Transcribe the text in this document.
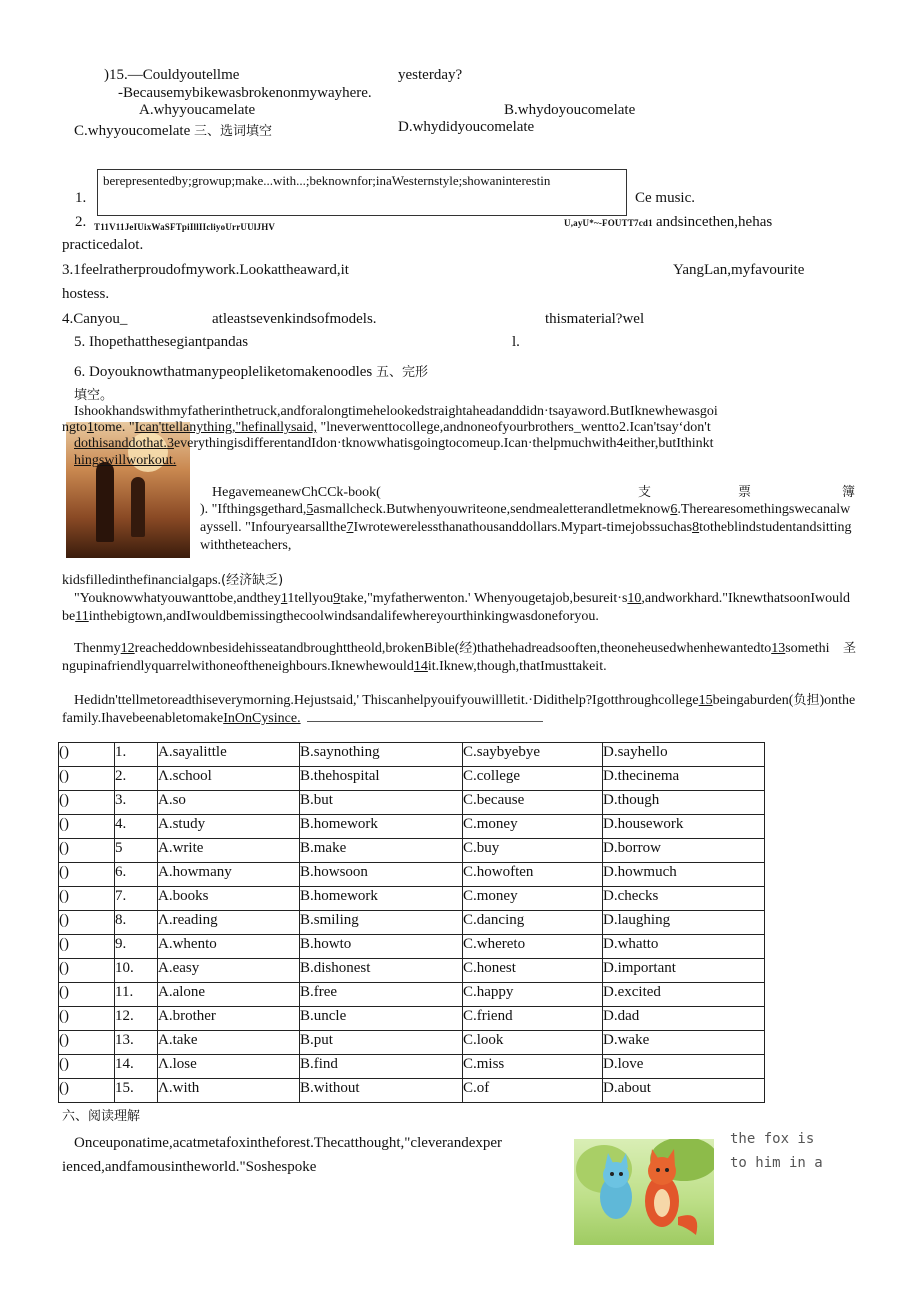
)15.—Couldyoutellme	yesterday?
-Becausemybikewasbrokenonmywayhere.
A.whyyoucamelate	B.whydoyoucomelate
C.whyyoucomelate 三、选词填空	D.whydidyoucomelate
berepresentedby;growup;make...with...;beknownfor;inaWesternstyle;showaninterestin
1.	Ce music.
2. T11V11JeIUixWaSFTpiIllIIcliyoUrrUUlJHV	U,ayU*~-FOUTT7cd1 andsincethen,hehas
practicedalot.
3.1feelratherproudofmywork.Lookattheaward,it	YangLan,myfavourite
hostess.
4.Canyou_	atleastsevenkindsofmodels.	thismaterial?wel
5. Ihopethatthesegiantpandas	l.
6. Doyouknowthatmanypeopleliketomakenoodles 五、完形
填空。
Ishookhandswithmyfatherinthetruck,andforalongtimehelookedstraightaheadanddidn·tsayaword.ButIknewhewasgoi
ngto1tome. "Ican'ttellanything,"hefinallysaid, "lneverwenttocollege,andnoneofyourbrothers_wentto2.Ican'tsay‘don't
dothisanddothat.3everythingisdifferentandIdon·tknowwhatisgoingtocomeup.Ican·thelpmuchwith4either,butIthinkt
hingswillworkout.
HegavemeanewChCCk-book(	支	票	簿
). "Ifthingsgethard,5asmallcheck.Butwhenyouwriteone,sendmealetterandletmeknow6.Therearesomethingswecanalwayssell. "Infouryearsallthe7Iwrotewerelessthanathousanddollars.Mypart-timejobssuchas8totheblindstudentandsittingwiththeteachers,
kidsfilledinthefinancialgaps.(经济缺乏)
"Youknowwhatyouwanttobe,andthey11tellyou9take,"myfatherwenton.' Whenyougetajob,besureit·s10,andworkhard."IknewthatsoonIwouldbe11inthebigtown,andIwouldbemissingthecoolwindsandalifewhereyourthinkingwasdoneforyou.
Thenmy12reacheddownbesidehisseatandbroughttheold,brokenBible(	圣
经)thathehadreadsooften,theoneheusedwhenhewantedto13somethingupinafriendlyquarrelwithoneoftheneighbours.Iknewhewould14it.Iknew,though,thatImusttakeit.
Hedidn'ttellmetoreadthiseverymorning.Hejustsaid,' Thiscanhelpyouifyouwillletit.·Didithelp?Igotthroughcollege15beingaburden(负担)onthefamily.IhavebeenabletomakeInOnCysince.
()	1.	A.sayalittle	B.saynothing	C.saybyebye	D.sayhello
()	2.	Λ.school	B.thehospital	C.college	D.thecinema
()	3.	A.so	B.but	C.because	D.though
()	4.	A.study	B.homework	C.money	D.housework
()	5	A.write	B.make	C.buy	D.borrow
()	6.	A.howmany	B.howsoon	C.howoften	D.howmuch
()	7.	A.books	B.homework	C.money	D.checks
()	8.	Λ.reading	B.smiling	C.dancing	D.laughing
()	9.	A.whento	B.howto	C.whereto	D.whatto
()	10.	A.easy	B.dishonest	C.honest	D.important
()	11.	A.alone	B.free	C.happy	D.excited
()	12.	A.brother	B.uncle	C.friend	D.dad
()	13.	A.take	B.put	C.look	D.wake
()	14.	Λ.lose	B.find	C.miss	D.love
()	15.	Λ.with	B.without	C.of	D.about
六、阅读理解
Onceuponatime,acatmetafoxintheforest.Thecatthought,"cleverandexper
ienced,andfamousintheworld."Soshespoke
the fox is
to him in a
